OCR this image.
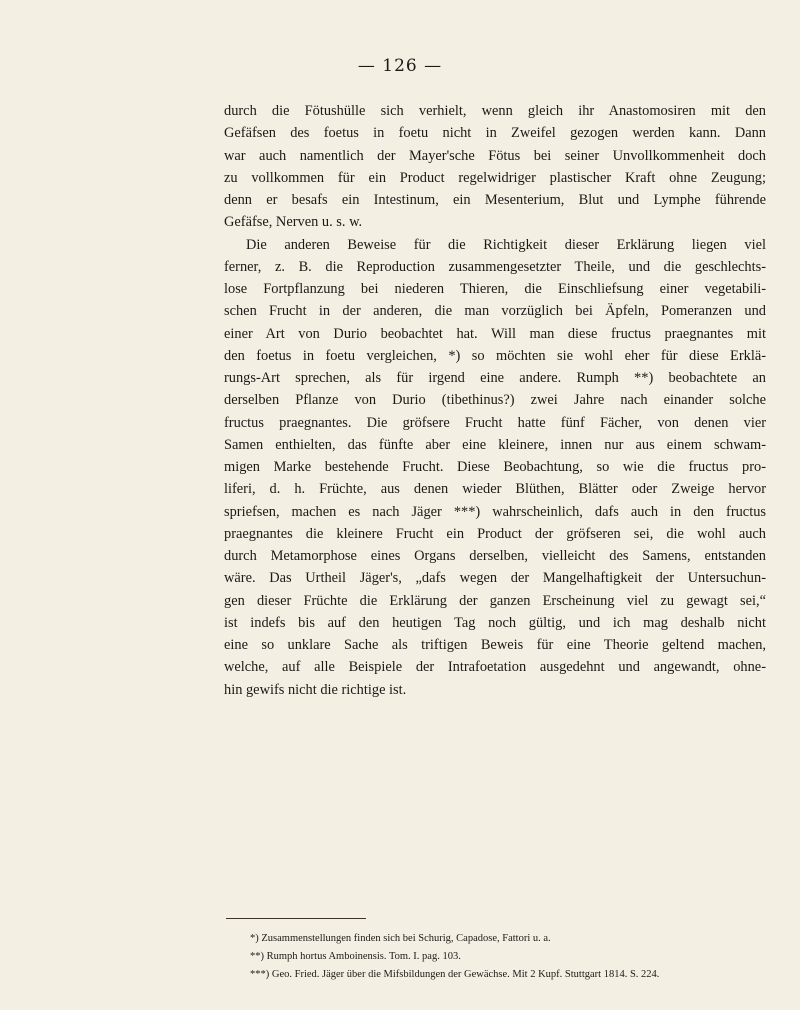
— 126 —
durch die Fötushülle sich verhielt, wenn gleich ihr Anastomosiren mit den
Gefäfsen des foetus in foetu nicht in Zweifel gezogen werden kann. Dann
war auch namentlich der Mayer'sche Fötus bei seiner Unvollkommenheit doch
zu vollkommen für ein Product regelwidriger plastischer Kraft ohne Zeugung;
denn er besafs ein Intestinum, ein Mesenterium, Blut und Lymphe führende
Gefäfse, Nerven u. s. w.
Die anderen Beweise für die Richtigkeit dieser Erklärung liegen viel
ferner, z. B. die Reproduction zusammengesetzter Theile, und die geschlechts-
lose Fortpflanzung bei niederen Thieren, die Einschliefsung einer vegetabili-
schen Frucht in der anderen, die man vorzüglich bei Äpfeln, Pomeranzen und
einer Art von Durio beobachtet hat. Will man diese fructus praegnantes mit
den foetus in foetu vergleichen, *) so möchten sie wohl eher für diese Erklä-
rungs-Art sprechen, als für irgend eine andere. Rumph **) beobachtete an
derselben Pflanze von Durio (tibethinus?) zwei Jahre nach einander solche
fructus praegnantes. Die gröfsere Frucht hatte fünf Fächer, von denen vier
Samen enthielten, das fünfte aber eine kleinere, innen nur aus einem schwam-
migen Marke bestehende Frucht. Diese Beobachtung, so wie die fructus pro-
liferi, d. h. Früchte, aus denen wieder Blüthen, Blätter oder Zweige hervor
spriefsen, machen es nach Jäger ***) wahrscheinlich, dafs auch in den fructus
praegnantes die kleinere Frucht ein Product der gröfseren sei, die wohl auch
durch Metamorphose eines Organs derselben, vielleicht des Samens, entstanden
wäre. Das Urtheil Jäger's, „dafs wegen der Mangelhaftigkeit der Untersuchun-
gen dieser Früchte die Erklärung der ganzen Erscheinung viel zu gewagt sei,“
ist indefs bis auf den heutigen Tag noch gültig, und ich mag deshalb nicht
eine so unklare Sache als triftigen Beweis für eine Theorie geltend machen,
welche, auf alle Beispiele der Intrafoetation ausgedehnt und angewandt, ohne-
hin gewifs nicht die richtige ist.
*) Zusammenstellungen finden sich bei Schurig, Capadose, Fattori u. a.
**) Rumph hortus Amboinensis. Tom. I. pag. 103.
***) Geo. Fried. Jäger über die Mifsbildungen der Gewächse. Mit 2 Kupf. Stuttgart 1814. S. 224.
